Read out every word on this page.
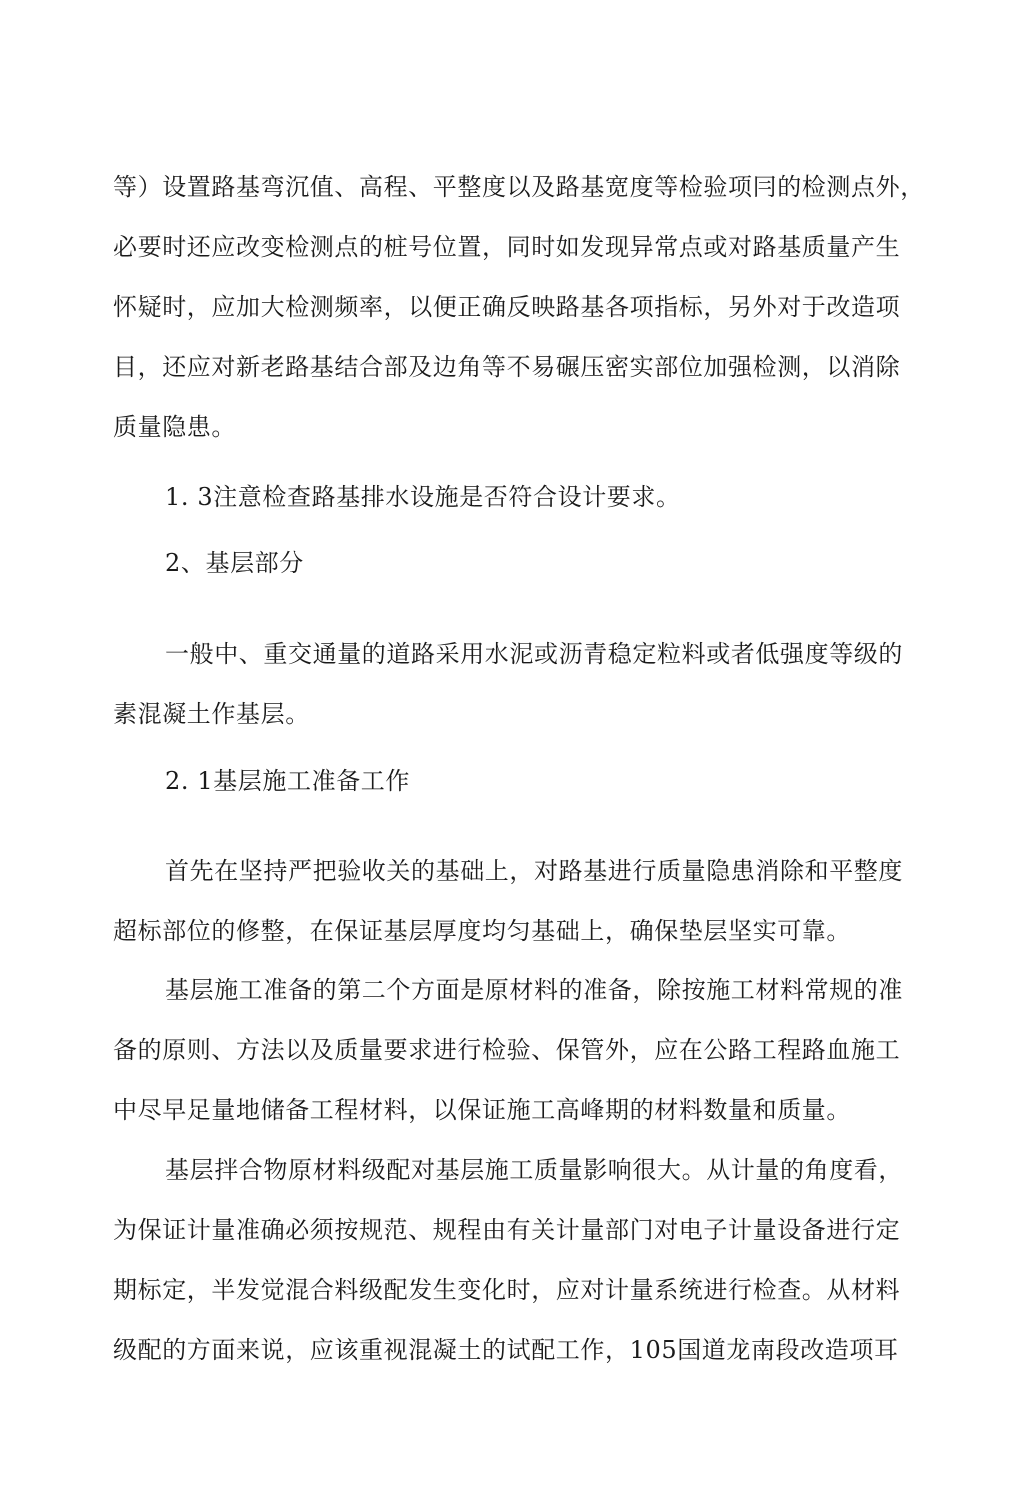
等）设置路基弯沉值、高程、平整度以及路基宽度等检验项冃的检测点外，
必要时还应改变检测点的桩号位置，同时如发现异常点或对路基质量产生
怀疑时，应加大检测频率，以便正确反映路基各项指标，另外对于改造项
目，还应对新老路基结合部及边角等不易碾压密实部位加强检测，以消除
质量隐患。
1. 3注意检查路基排水设施是否符合设计要求。
2、基层部分
一般中、重交通量的道路采用水泥或沥青稳定粒料或者低强度等级的
素混凝土作基层。
2. 1基层施工准备工作
首先在坚持严把验收关的基础上，对路基进行质量隐患消除和平整度
超标部位的修整，在保证基层厚度均匀基础上，确保垫层坚实可靠。
基层施工准备的第二个方面是原材料的准备，除按施工材料常规的准
备的原则、方法以及质量要求进行检验、保管外，应在公路工程路血施工
中尽早足量地储备工程材料，以保证施工高峰期的材料数量和质量。
基层拌合物原材料级配对基层施工质量影响很大。从计量的角度看，
为保证计量准确必须按规范、规程由有关计量部门对电子计量设备进行定
期标定，半发觉混合料级配发生变化时，应对计量系统进行检查。从材料
级配的方面来说，应该重视混凝土的试配工作，105国道龙南段改造项耳
